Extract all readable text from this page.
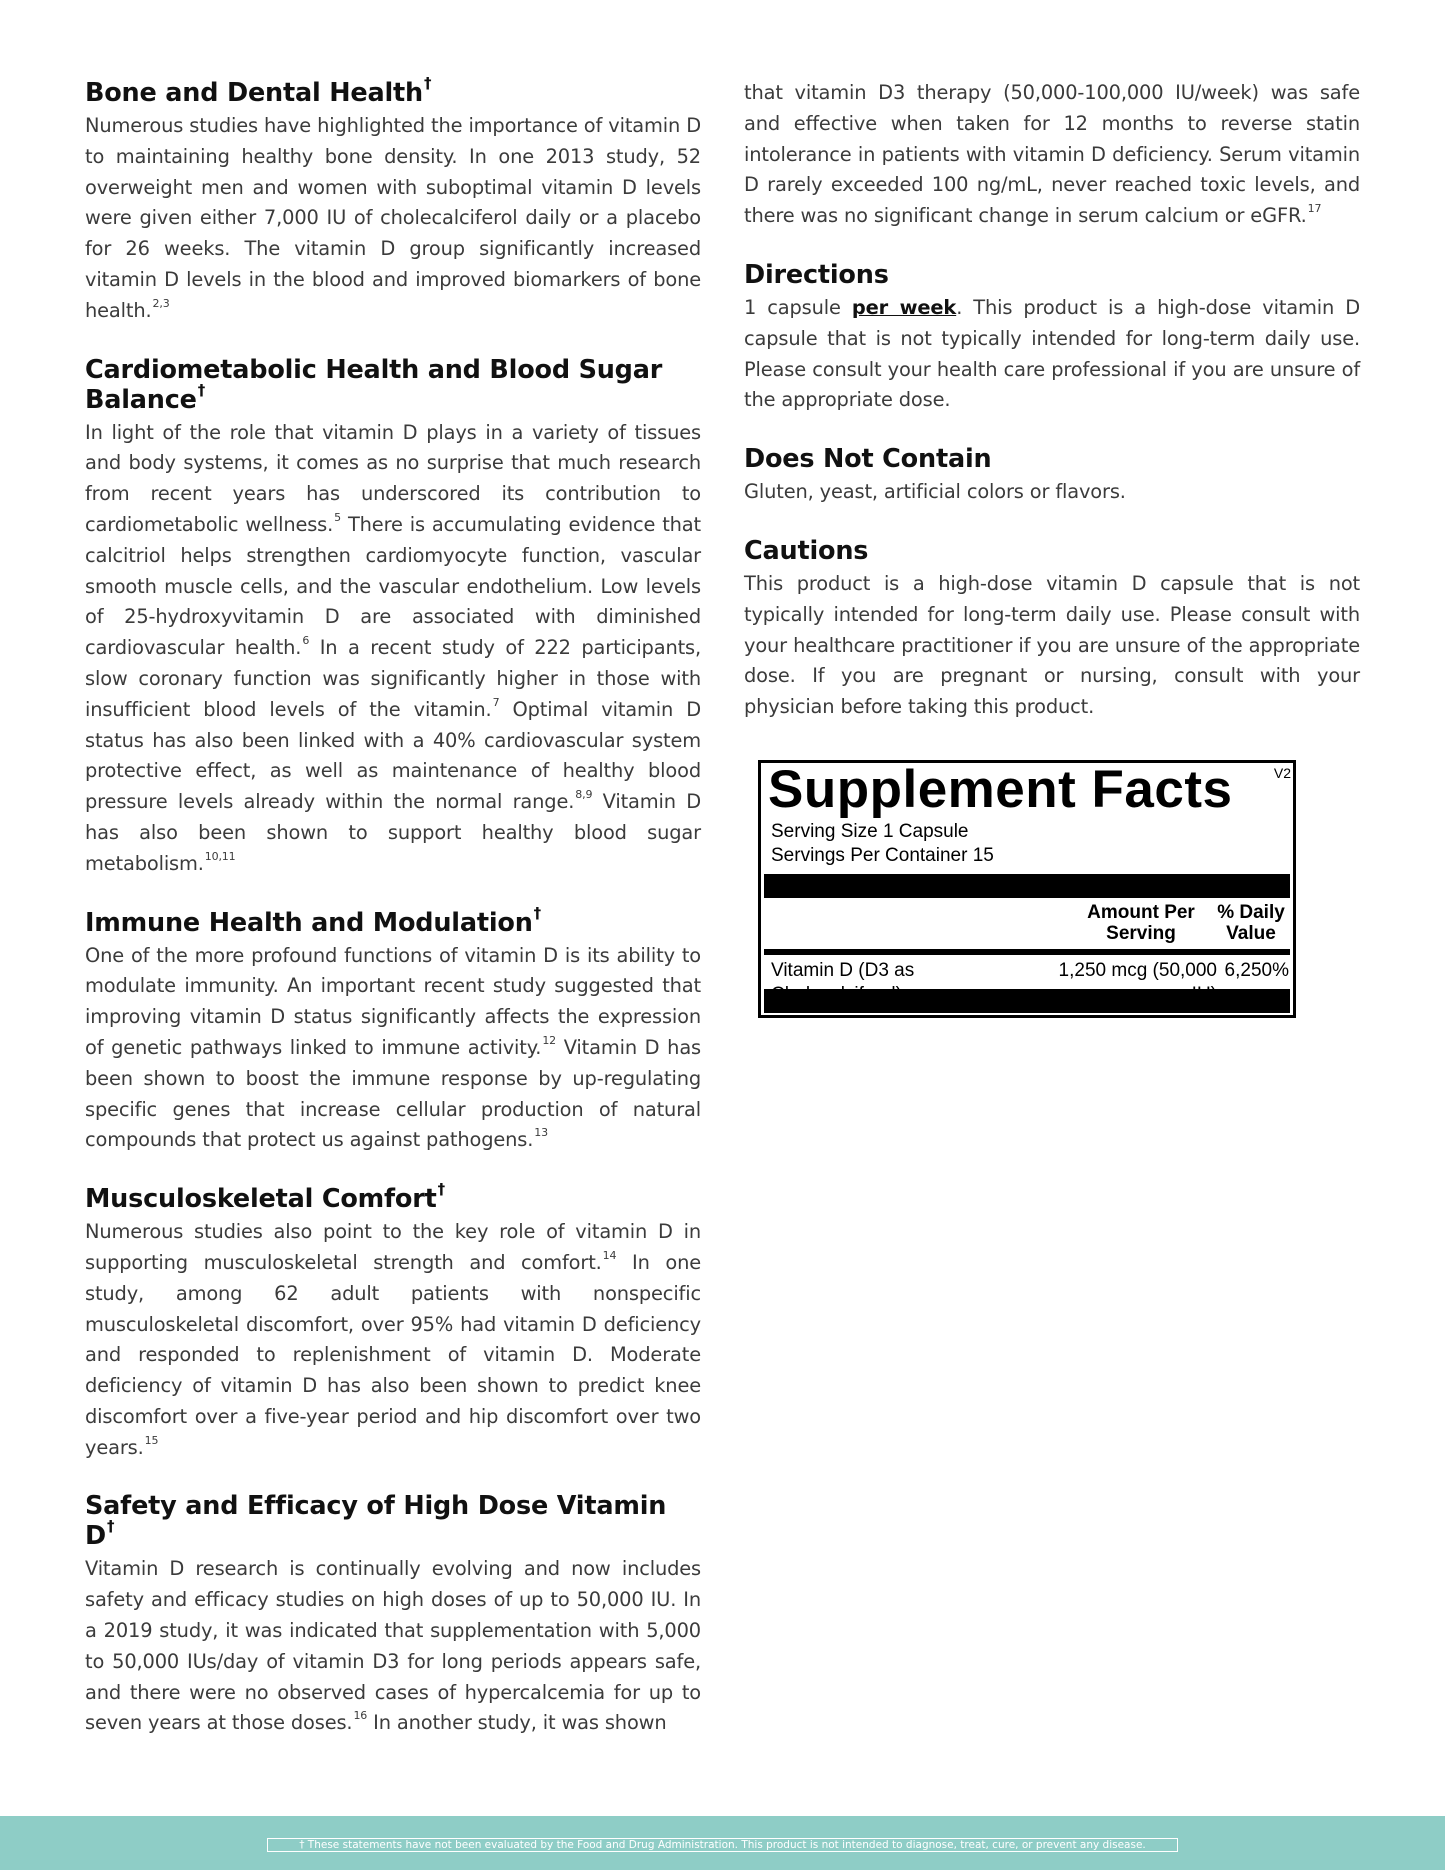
Bone and Dental Health†

Numerous studies have highlighted the importance of vitamin D to maintaining healthy bone density. In one 2013 study, 52 overweight men and women with suboptimal vitamin D levels were given either 7,000 IU of cholecalciferol daily or a placebo for 26 weeks. The vitamin D group significantly increased vitamin D levels in the blood and improved biomarkers of bone health.$^{2,3}$

Cardiometabolic Health and Blood Sugar Balance†

In light of the role that vitamin D plays in a variety of tissues and body systems, it comes as no surprise that much research from recent years has underscored its contribution to cardiometabolic wellness.$^5$ There is accumulating evidence that calcitriol helps strengthen cardiomyocyte function, vascular smooth muscle cells, and the vascular endothelium. Low levels of 25-hydroxyvitamin D are associated with diminished cardiovascular health.$^6$ In a recent study of 222 participants, slow coronary function was significantly higher in those with insufficient blood levels of the vitamin.$^7$ Optimal vitamin D status has also been linked with a 40% cardiovascular system protective effect, as well as maintenance of healthy blood pressure levels already within the normal range.$^{8,9}$ Vitamin D has also been shown to support healthy blood sugar metabolism.$^{10,11}$

Immune Health and Modulation†

One of the more profound functions of vitamin D is its ability to modulate immunity. An important recent study suggested that improving vitamin D status significantly affects the expression of genetic pathways linked to immune activity.$^{12}$ Vitamin D has been shown to boost the immune response by up-regulating specific genes that increase cellular production of natural compounds that protect us against pathogens.$^{13}$

Musculoskeletal Comfort†

Numerous studies also point to the key role of vitamin D in supporting musculoskeletal strength and comfort.$^{14}$ In one study, among 62 adult patients with nonspecific musculoskeletal discomfort, over 95% had vitamin D deficiency and responded to replenishment of vitamin D. Moderate deficiency of vitamin D has also been shown to predict knee discomfort over a five-year period and hip discomfort over two years.$^{15}$

Safety and Efficacy of High Dose Vitamin D†

Vitamin D research is continually evolving and now includes safety and efficacy studies on high doses of up to 50,000 IU. In a 2019 study, it was indicated that supplementation with 5,000 to 50,000 IUs/day of vitamin D3 for long periods appears safe, and there were no observed cases of hypercalcemia for up to seven years at those doses.$^{16}$ In another study, it was shown

that vitamin D3 therapy (50,000-100,000 IU/week) was safe and effective when taken for 12 months to reverse statin intolerance in patients with vitamin D deficiency. Serum vitamin D rarely exceeded 100 ng/mL, never reached toxic levels, and there was no significant change in serum calcium or eGFR.$^{17}$

Directions

1 capsule per week. This product is a high-dose vitamin D capsule that is not typically intended for long-term daily use. Please consult your health care professional if you are unsure of the appropriate dose.

Does Not Contain

Gluten, yeast, artificial colors or flavors.

Cautions

This product is a high-dose vitamin D capsule that is not typically intended for long-term daily use. Please consult with your healthcare practitioner if you are unsure of the appropriate dose. If you are pregnant or nursing, consult with your physician before taking this product.

Supplement Facts	V2
Serving Size 1 Capsule
Servings Per Container 15
Amount Per
Serving
% Daily
Value
Vitamin D (D3 as	1,250 mcg (50,000 6,250%
† These statements have not been evaluated by the Food and Drug Administration. This product is not intended to diagnose, treat, cure, or prevent any disease.
